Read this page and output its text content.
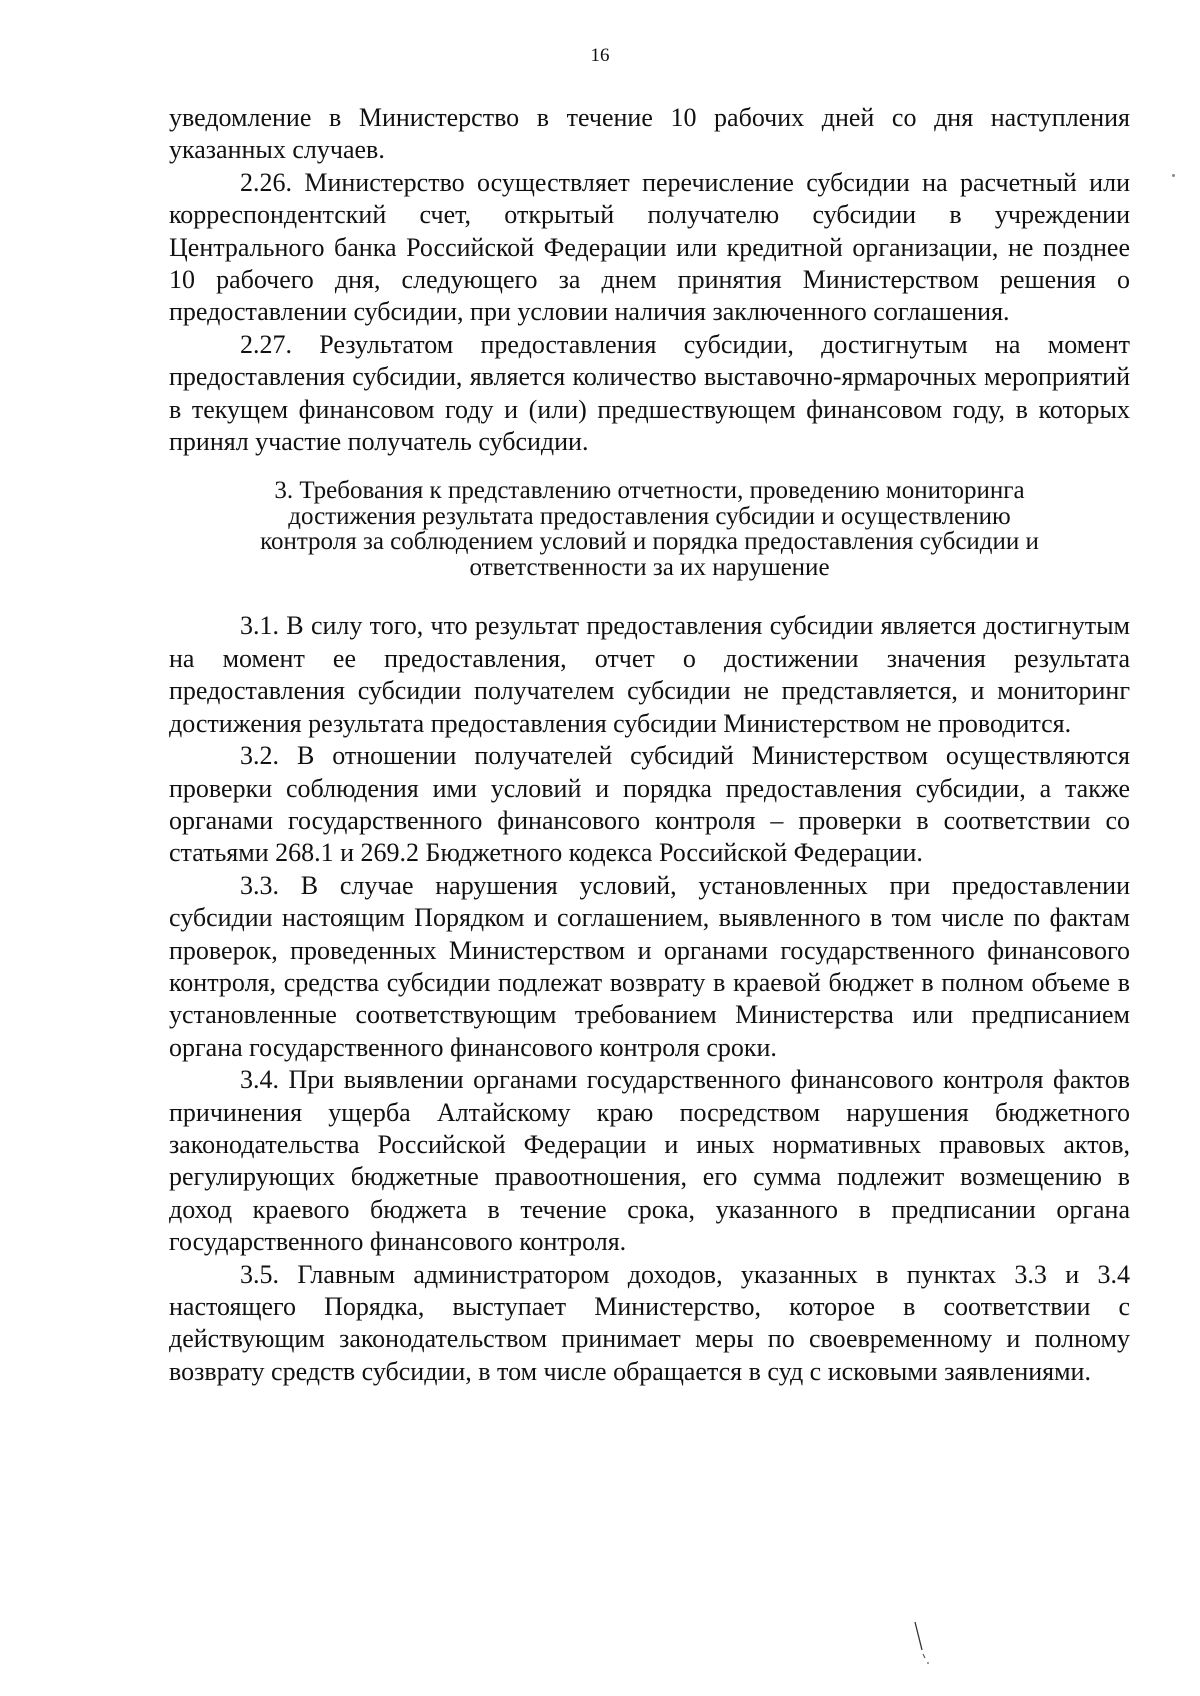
16

уведомление в Министерство в течение 10 рабочих дней со дня наступления указанных случаев.

2.26. Министерство осуществляет перечисление субсидии на расчетный или корреспондентский счет, открытый получателю субсидии в учреждении Центрального банка Российской Федерации или кредитной организации, не позднее 10 рабочего дня, следующего за днем принятия Министерством решения о предоставлении субсидии, при условии наличия заключенного соглашения.

2.27. Результатом предоставления субсидии, достигнутым на момент предоставления субсидии, является количество выставочно-ярмарочных мероприятий в текущем финансовом году и (или) предшествующем финансовом году, в которых принял участие получатель субсидии.

3. Требования к представлению отчетности, проведению мониторинга достижения результата предоставления субсидии и осуществлению контроля за соблюдением условий и порядка предоставления субсидии и ответственности за их нарушение

3.1. В силу того, что результат предоставления субсидии является достигнутым на момент ее предоставления, отчет о достижении значения результата предоставления субсидии получателем субсидии не представляется, и мониторинг достижения результата предоставления субсидии Министерством не проводится.

3.2. В отношении получателей субсидий Министерством осуществляются проверки соблюдения ими условий и порядка предоставления субсидии, а также органами государственного финансового контроля – проверки в соответствии со статьями 268.1 и 269.2 Бюджетного кодекса Российской Федерации.

3.3. В случае нарушения условий, установленных при предоставлении субсидии настоящим Порядком и соглашением, выявленного в том числе по фактам проверок, проведенных Министерством и органами государственного финансового контроля, средства субсидии подлежат возврату в краевой бюджет в полном объеме в установленные соответствующим требованием Министерства или предписанием органа государственного финансового контроля сроки.

3.4. При выявлении органами государственного финансового контроля фактов причинения ущерба Алтайскому краю посредством нарушения бюджетного законодательства Российской Федерации и иных нормативных правовых актов, регулирующих бюджетные правоотношения, его сумма подлежит возмещению в доход краевого бюджета в течение срока, указанного в предписании органа государственного финансового контроля.

3.5. Главным администратором доходов, указанных в пунктах 3.3 и 3.4 настоящего Порядка, выступает Министерство, которое в соответствии с действующим законодательством принимает меры по своевременному и полному возврату средств субсидии, в том числе обращается в суд с исковыми заявлениями.
